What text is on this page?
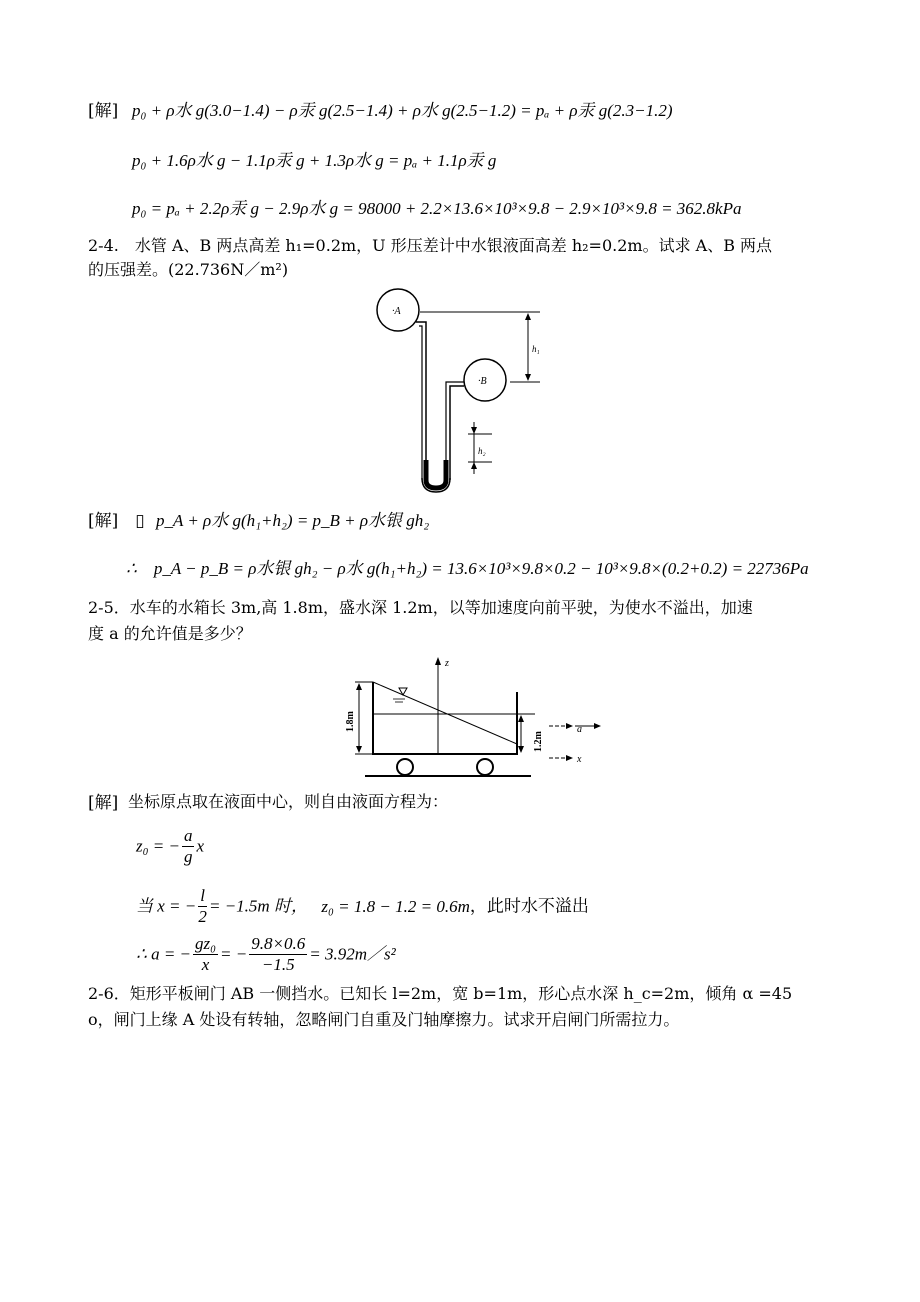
[解] p₀ + ρ水 g(3.0−1.4) − ρ汞 g(2.5−1.4) + ρ水 g(2.5−1.2) = pₐ + ρ汞 g(2.3−1.2)
p₀ + 1.6ρ水 g − 1.1ρ汞 g + 1.3ρ水 g = pₐ + 1.1ρ汞 g
p₀ = pₐ + 2.2ρ汞 g − 2.9ρ水 g = 98000 + 2.2×13.6×10³×9.8 − 2.9×10³×9.8 = 362.8kPa
2-4.　水管 A、B 两点高差 h₁=0.2m，U 形压差计中水银液面高差 h₂=0.2m。试求 A、B 两点
的压强差。(22.736N／m²)
·A
·B
h₁
h₂
[解]　▯ p_A + ρ水 g(h₁+h₂) = p_B + ρ水银 gh₂
∴　p_A − p_B = ρ水银 gh₂ − ρ水 g(h₁+h₂) = 13.6×10³×9.8×0.2 − 10³×9.8×(0.2+0.2) = 22736Pa
2-5．水车的水箱长 3m,高 1.8m，盛水深 1.2m，以等加速度向前平驶，为使水不溢出，加速
度 a 的允许值是多少？
z
1.8m
1.2m
a
x
[解] 坐标原点取在液面中心，则自由液面方程为：
z₀ = − $\frac{a}{g}$ x
当 x = − $\frac{l}{2} = -1.5m$ 时， z₀ = 1.8 − 1.2 = 0.6m，此时水不溢出
∴ a = − $\frac{\text{gz₀}}{x}$ = − $\frac{9.8\times 0.6}{-1.5}$ = 3.92m／s²
2-6．矩形平板闸门 AB 一侧挡水。已知长 l=2m，宽 b=1m，形心点水深 h_c=2m，倾角 α =45
o，闸门上缘 A 处设有转轴，忽略闸门自重及门轴摩擦力。试求开启闸门所需拉力。
